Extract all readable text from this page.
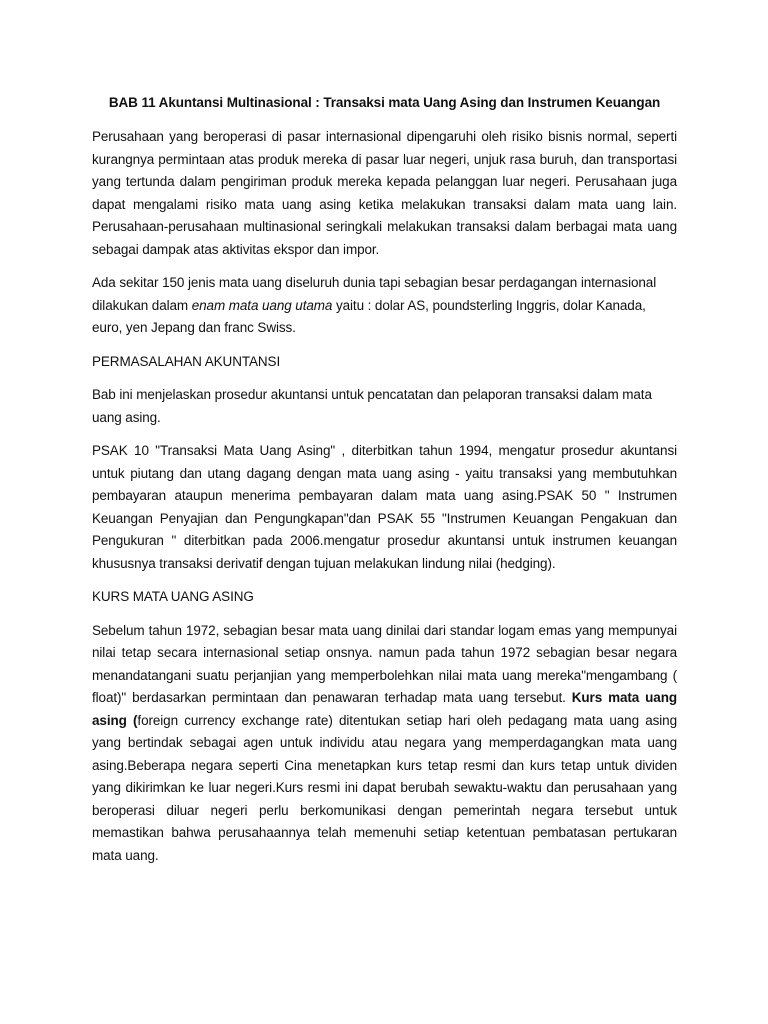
BAB 11 Akuntansi Multinasional : Transaksi mata Uang Asing dan Instrumen Keuangan

Perusahaan yang beroperasi di pasar internasional dipengaruhi oleh risiko bisnis normal, seperti kurangnya permintaan atas produk mereka di pasar luar negeri, unjuk rasa buruh, dan transportasi yang tertunda dalam pengiriman produk mereka kepada pelanggan luar negeri. Perusahaan juga dapat mengalami risiko mata uang asing ketika melakukan transaksi dalam mata uang lain. Perusahaan-perusahaan multinasional seringkali melakukan transaksi dalam berbagai mata uang sebagai dampak atas aktivitas ekspor dan impor.

Ada sekitar 150 jenis mata uang diseluruh dunia tapi sebagian besar perdagangan internasional dilakukan dalam enam mata uang utama yaitu : dolar AS, poundsterling Inggris, dolar Kanada, euro, yen Jepang dan franc Swiss.

PERMASALAHAN AKUNTANSI

Bab ini menjelaskan prosedur akuntansi untuk pencatatan dan pelaporan transaksi dalam mata uang asing.

PSAK 10 "Transaksi Mata Uang Asing" , diterbitkan tahun 1994, mengatur prosedur akuntansi untuk piutang dan utang dagang dengan mata uang asing - yaitu transaksi yang membutuhkan pembayaran ataupun menerima pembayaran dalam mata uang asing.PSAK 50 " Instrumen Keuangan Penyajian dan Pengungkapan"dan PSAK 55 "Instrumen Keuangan Pengakuan dan Pengukuran " diterbitkan pada 2006.mengatur prosedur akuntansi untuk instrumen keuangan khususnya transaksi derivatif dengan tujuan melakukan lindung nilai (hedging).

KURS MATA UANG ASING

Sebelum tahun 1972, sebagian besar mata uang dinilai dari standar logam emas yang mempunyai nilai tetap secara internasional setiap onsnya. namun pada tahun 1972 sebagian besar negara menandatangani suatu perjanjian yang memperbolehkan nilai mata uang mereka"mengambang ( float)" berdasarkan permintaan dan penawaran terhadap mata uang tersebut. Kurs mata uang asing (foreign currency exchange rate) ditentukan setiap hari oleh pedagang mata uang asing yang bertindak sebagai agen untuk individu atau negara yang memperdagangkan mata uang asing.Beberapa negara seperti Cina menetapkan kurs tetap resmi dan kurs tetap untuk dividen yang dikirimkan ke luar negeri.Kurs resmi ini dapat berubah sewaktu-waktu dan perusahaan yang beroperasi diluar negeri perlu berkomunikasi dengan pemerintah negara tersebut untuk memastikan bahwa perusahaannya telah memenuhi setiap ketentuan pembatasan pertukaran mata uang.
